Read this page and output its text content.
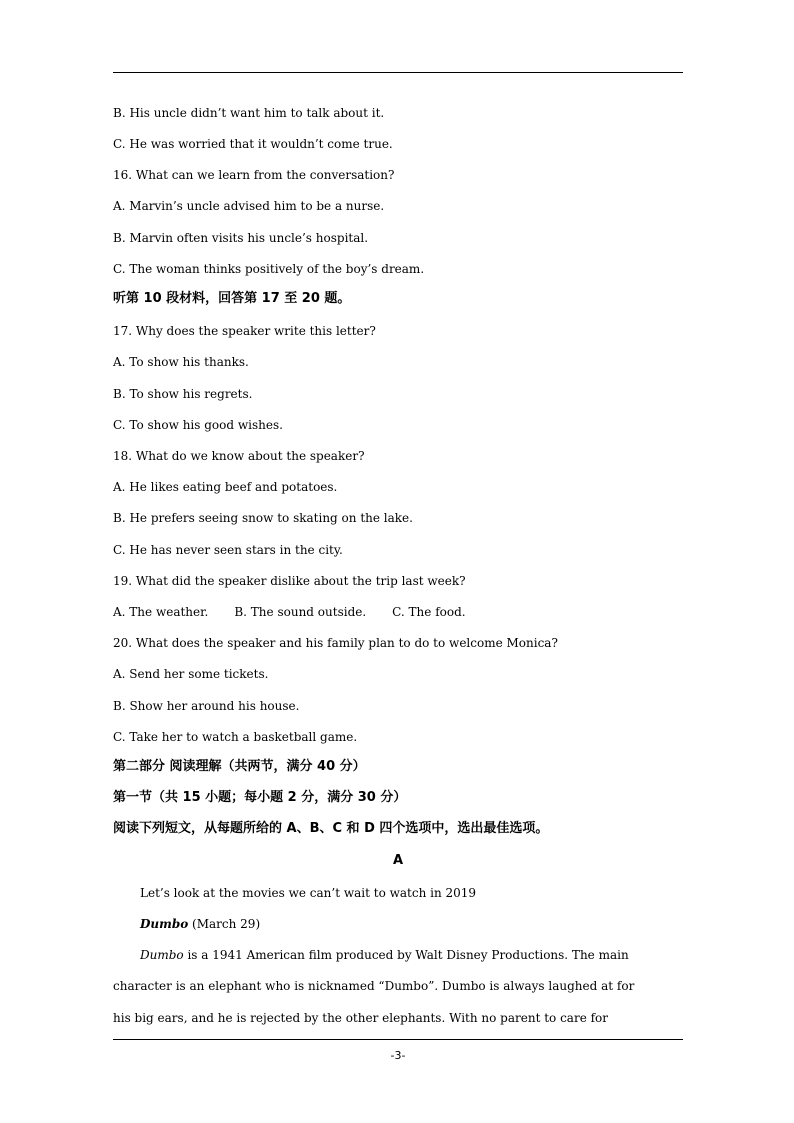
B. His uncle didn’t want him to talk about it.
C. He was worried that it wouldn’t come true.
16. What can we learn from the conversation?
A. Marvin’s uncle advised him to be a nurse.
B. Marvin often visits his uncle’s hospital.
C. The woman thinks positively of the boy’s dream.
听第 10 段材料，回答第 17 至 20 题。
17. Why does the speaker write this letter?
A. To show his thanks.
B. To show his regrets.
C. To show his good wishes.
18. What do we know about the speaker?
A. He likes eating beef and potatoes.
B. He prefers seeing snow to skating on the lake.
C. He has never seen stars in the city.
19. What did the speaker dislike about the trip last week?
A. The weather. B. The sound outside. C. The food.
20. What does the speaker and his family plan to do to welcome Monica?
A. Send her some tickets.
B. Show her around his house.
C. Take her to watch a basketball game.
第二部分 阅读理解（共两节，满分 40 分）
第一节（共 15 小题；每小题 2 分，满分 30 分）
阅读下列短文，从每题所给的 A、B、C 和 D 四个选项中，选出最佳选项。
A
Let’s look at the movies we can’t wait to watch in 2019
Dumbo (March 29)
Dumbo is a 1941 American film produced by Walt Disney Productions. The main
character is an elephant who is nicknamed “Dumbo”. Dumbo is always laughed at for
his big ears, and he is rejected by the other elephants. With no parent to care for
-3-
